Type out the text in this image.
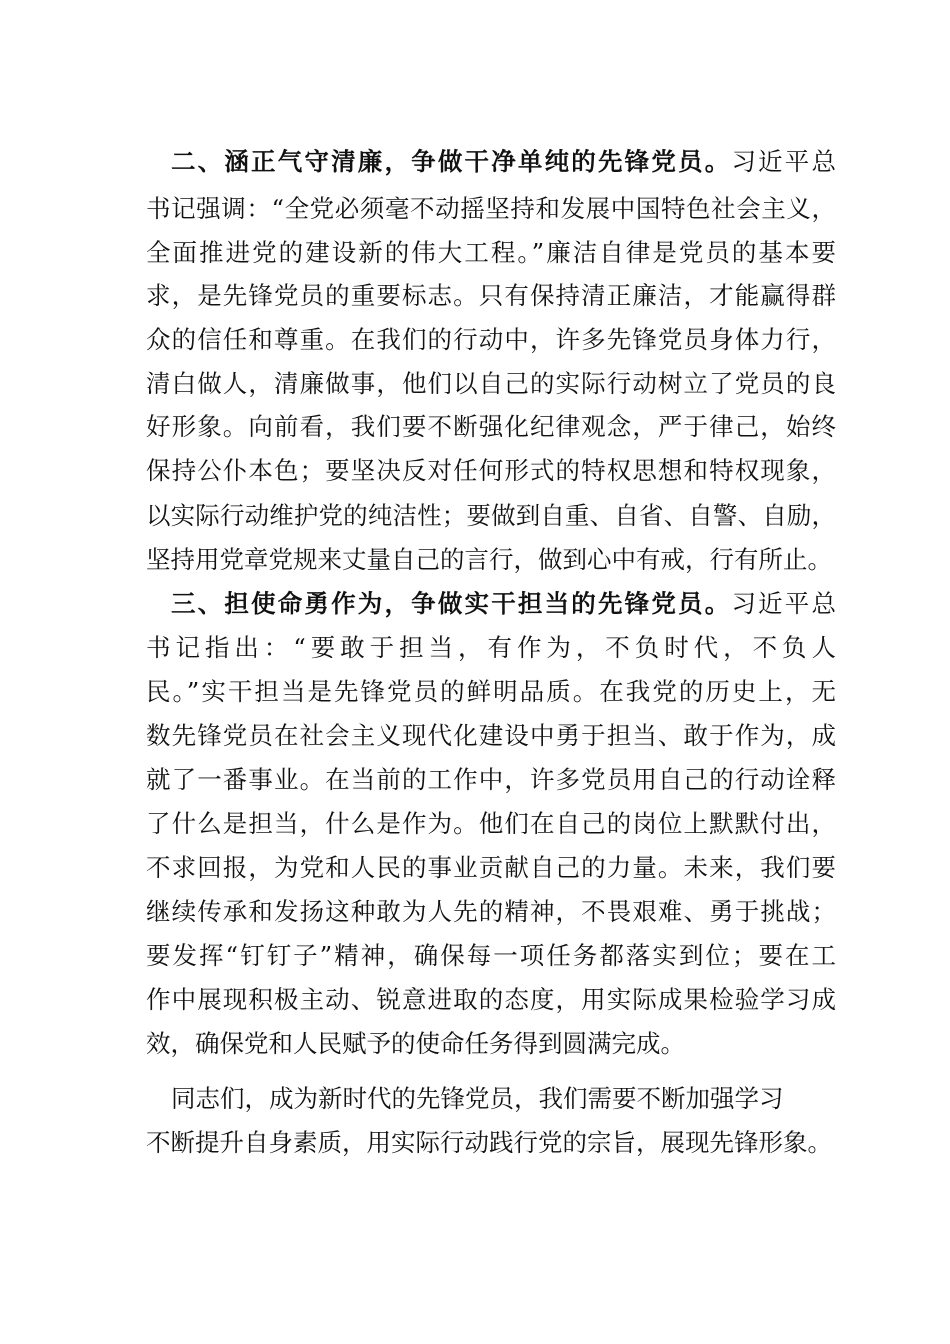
二、涵正气守清廉，争做干净单纯的先锋党员。习近平总
书记强调：“全党必须毫不动摇坚持和发展中国特色社会主义，
全面推进党的建设新的伟大工程。”廉洁自律是党员的基本要
求，是先锋党员的重要标志。只有保持清正廉洁，才能赢得群
众的信任和尊重。在我们的行动中，许多先锋党员身体力行，
清白做人，清廉做事，他们以自己的实际行动树立了党员的良
好形象。向前看，我们要不断强化纪律观念，严于律己，始终
保持公仆本色；要坚决反对任何形式的特权思想和特权现象，
以实际行动维护党的纯洁性；要做到自重、自省、自警、自励，
坚持用党章党规来丈量自己的言行，做到心中有戒，行有所止。
三、担使命勇作为，争做实干担当的先锋党员。习近平总
书记指出：“要敢于担当，有作为，不负时代，不负人
民。”实干担当是先锋党员的鲜明品质。在我党的历史上，无
数先锋党员在社会主义现代化建设中勇于担当、敢于作为，成
就了一番事业。在当前的工作中，许多党员用自己的行动诠释
了什么是担当，什么是作为。他们在自己的岗位上默默付出，
不求回报，为党和人民的事业贡献自己的力量。未来，我们要
继续传承和发扬这种敢为人先的精神，不畏艰难、勇于挑战；
要发挥“钉钉子”精神，确保每一项任务都落实到位；要在工
作中展现积极主动、锐意进取的态度，用实际成果检验学习成
效，确保党和人民赋予的使命任务得到圆满完成。
同志们，成为新时代的先锋党员，我们需要不断加强学习
不断提升自身素质，用实际行动践行党的宗旨，展现先锋形象。
